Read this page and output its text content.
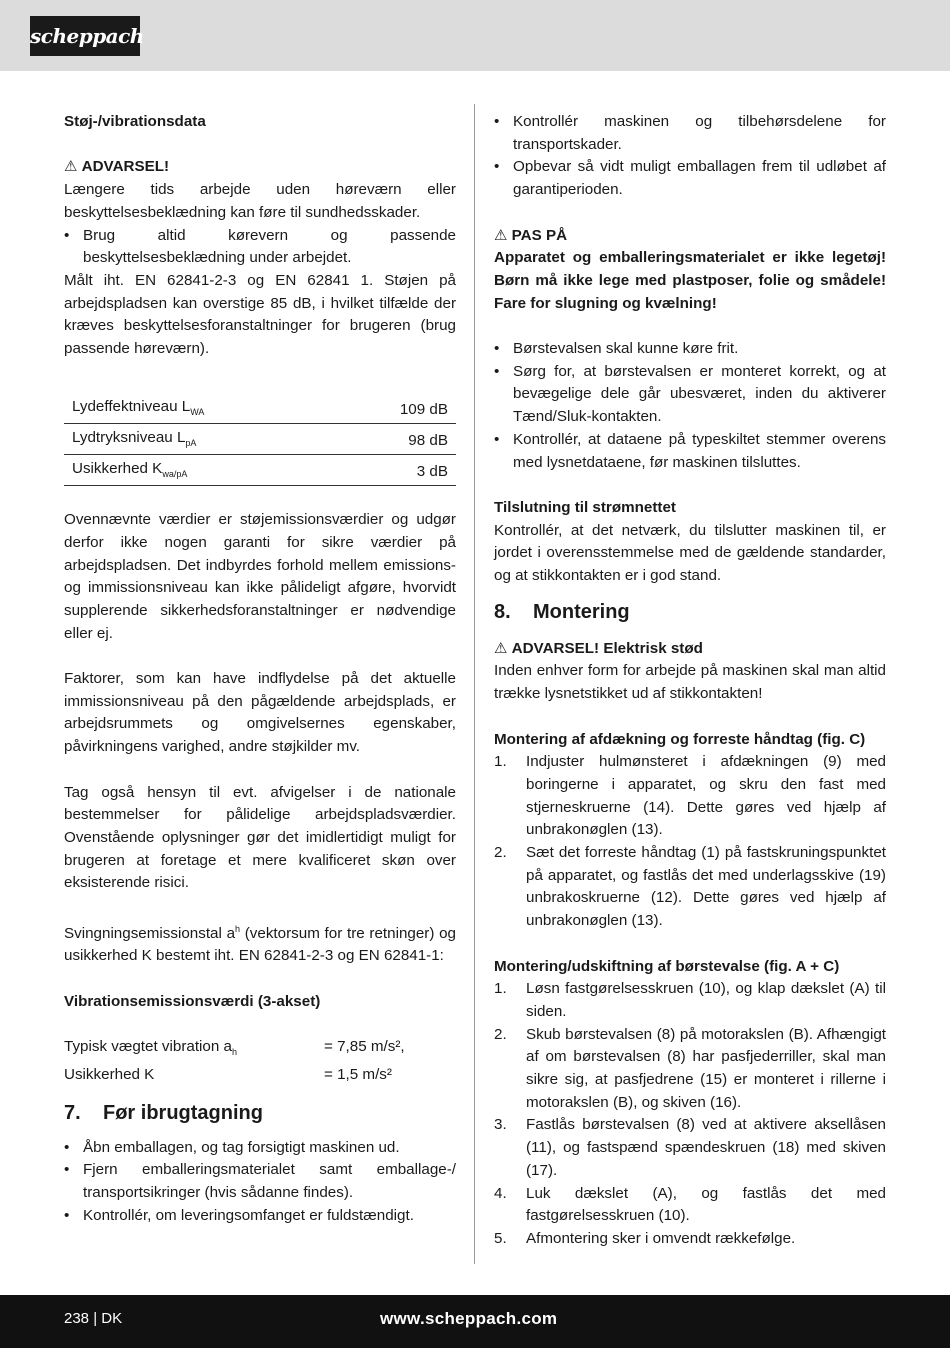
scheppach
Støj-/vibrationsdata
⚠ ADVARSEL!
Længere tids arbejde uden høreværn eller beskyttelsesbeklædning kan føre til sundhedsskader.
• Brug altid kørevern og passende beskyttelsesbeklædning under arbejdet.
Målt iht. EN 62841-2-3 og EN 62841 1. Støjen på arbejdspladsen kan overstige 85 dB, i hvilket tilfælde der kræves beskyttelsesforanstaltninger for brugeren (brug passende høreværn).
Lydeffektniveau $L_{WA}$	109 dB
Lydtryksniveau $L_{pA}$	98 dB
Usikkerhed $K_{wa/pA}$	3 dB
Ovennævnte værdier er støjemissionsværdier og udgør derfor ikke nogen garanti for sikre værdier på arbejdspladsen. Det indbyrdes forhold mellem emissions- og immissionsniveau kan ikke pålideligt afgøre, hvorvidt supplerende sikkerhedsforanstaltninger er nødvendige eller ej.
Faktorer, som kan have indflydelse på det aktuelle immissionsniveau på den pågældende arbejdsplads, er arbejdsrummets og omgivelsernes egenskaber, påvirkningens varighed, andre støjkilder mv.
Tag også hensyn til evt. afvigelser i de nationale bestemmelser for pålidelige arbejdspladsværdier. Ovenstående oplysninger gør det imidlertidigt muligt for brugeren at foretage et mere kvalificeret skøn over eksisterende risici.
Svingningsemissionstal $a^h$ (vektorsum for tre retninger) og usikkerhed K bestemt iht. EN 62841-2-3 og EN 62841-1:
Vibrationsemissionsværdi (3-akset)
Typisk vægtet vibration $a_h$	= 7,85 m/s²,
Usikkerhed K	= 1,5 m/s²
7. Før ibrugtagning
• Åbn emballagen, og tag forsigtigt maskinen ud.
• Fjern emballeringsmaterialet samt emballage-/ transportsikringer (hvis sådanne findes).
• Kontrollér, om leveringsomfanget er fuldstændigt.
• Kontrollér maskinen og tilbehørsdelene for transportskader.
• Opbevar så vidt muligt emballagen frem til udløbet af garantiperioden.
⚠ PAS PÅ
Apparatet og emballeringsmaterialet er ikke legetøj! Børn må ikke lege med plastposer, folie og smådele! Fare for slugning og kvælning!
• Børstevalsen skal kunne køre frit.
• Sørg for, at børstevalsen er monteret korrekt, og at bevægelige dele går ubesværet, inden du aktiverer Tænd/Sluk-kontakten.
• Kontrollér, at dataene på typeskiltet stemmer overens med lysnetdataene, før maskinen tilsluttes.
Tilslutning til strømnettet
Kontrollér, at det netværk, du tilslutter maskinen til, er jordet i overensstemmelse med de gældende standarder, og at stikkontakten er i god stand.
8. Montering
⚠ ADVARSEL! Elektrisk stød
Inden enhver form for arbejde på maskinen skal man altid trække lysnetstikket ud af stikkontakten!
Montering af afdækning og forreste håndtag (fig. C)
1. Indjuster hulmønsteret i afdækningen (9) med boringerne i apparatet, og skru den fast med stjerneskruerne (14). Dette gøres ved hjælp af unbrakonøglen (13).
2. Sæt det forreste håndtag (1) på fastskruningspunktet på apparatet, og fastlås det med underlagsskive (19) unbrakoskruerne (12). Dette gøres ved hjælp af unbrakonøglen (13).
Montering/udskiftning af børstevalse (fig. A + C)
1. Løsn fastgørelsesskruen (10), og klap dækslet (A) til siden.
2. Skub børstevalsen (8) på motorakslen (B). Afhængigt af om børstevalsen (8) har pasfjederriller, skal man sikre sig, at pasfjedrene (15) er monteret i rillerne i motorakslen (B), og skiven (16).
3. Fastlås børstevalsen (8) ved at aktivere aksellåsen (11), og fastspænd spændeskruen (18) med skiven (17).
4. Luk dækslet (A), og fastlås det med fastgørelsesskruen (10).
5. Afmontering sker i omvendt rækkefølge.
238 | DK	www.scheppach.com
